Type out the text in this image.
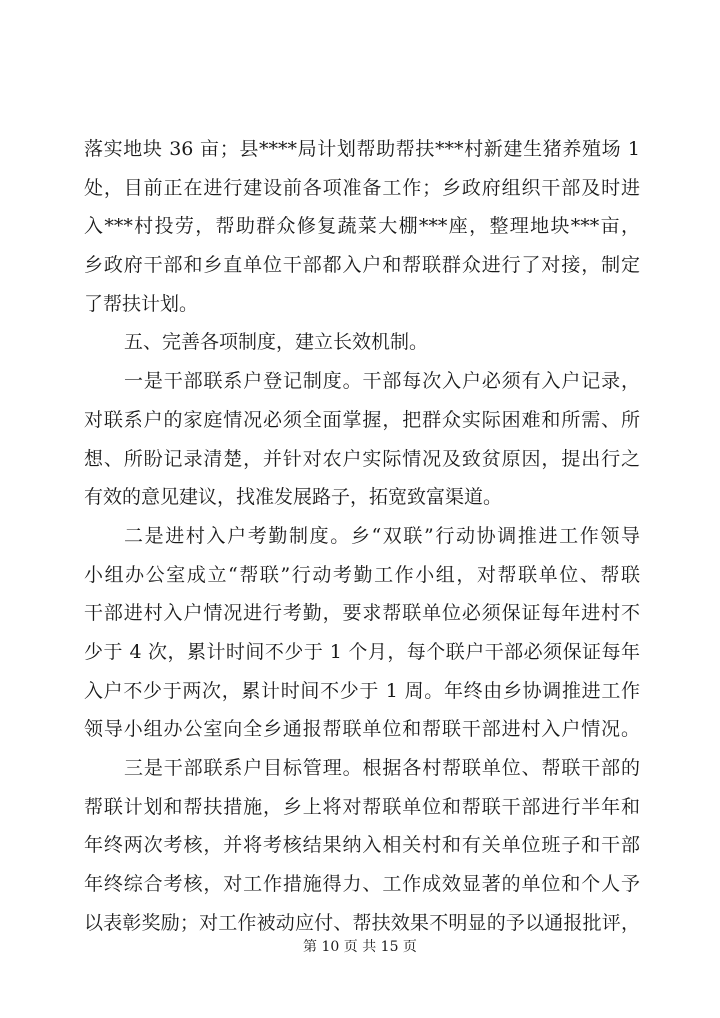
落实地块 36 亩；县****局计划帮助帮扶***村新建生猪养殖场 1
处，目前正在进行建设前各项准备工作；乡政府组织干部及时进
入***村投劳，帮助群众修复蔬菜大棚***座，整理地块***亩，
乡政府干部和乡直单位干部都入户和帮联群众进行了对接，制定
了帮扶计划。
五、完善各项制度，建立长效机制。
一是干部联系户登记制度。干部每次入户必须有入户记录，
对联系户的家庭情况必须全面掌握，把群众实际困难和所需、所
想、所盼记录清楚，并针对农户实际情况及致贫原因，提出行之
有效的意见建议，找准发展路子，拓宽致富渠道。
二是进村入户考勤制度。乡“双联”行动协调推进工作领导
小组办公室成立“帮联”行动考勤工作小组，对帮联单位、帮联
干部进村入户情况进行考勤，要求帮联单位必须保证每年进村不
少于 4 次，累计时间不少于 1 个月，每个联户干部必须保证每年
入户不少于两次，累计时间不少于 1 周。年终由乡协调推进工作
领导小组办公室向全乡通报帮联单位和帮联干部进村入户情况。
三是干部联系户目标管理。根据各村帮联单位、帮联干部的
帮联计划和帮扶措施，乡上将对帮联单位和帮联干部进行半年和
年终两次考核，并将考核结果纳入相关村和有关单位班子和干部
年终综合考核，对工作措施得力、工作成效显著的单位和个人予
以表彰奖励；对工作被动应付、帮扶效果不明显的予以通报批评，
第 10 页 共 15 页
